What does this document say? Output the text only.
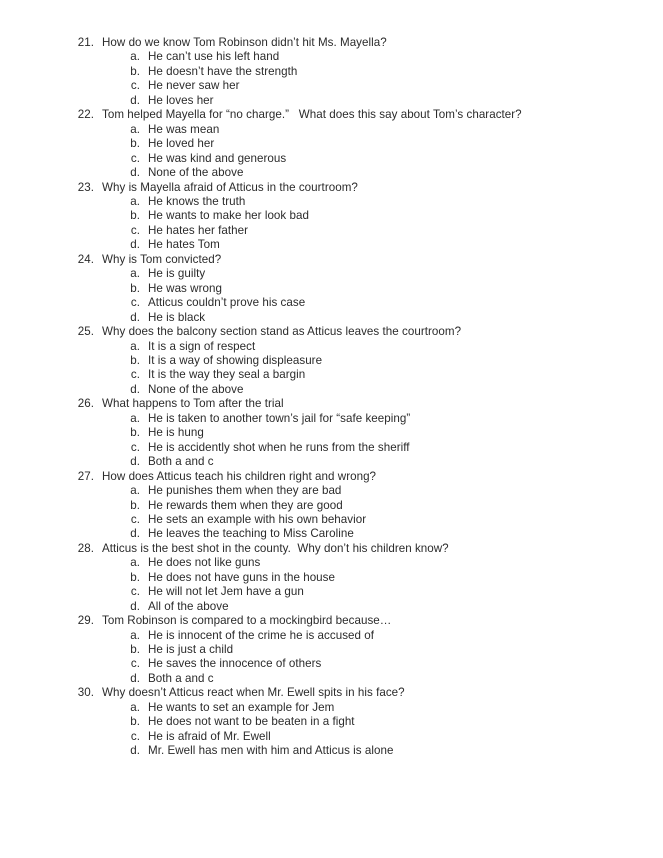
21. How do we know Tom Robinson didn’t hit Ms. Mayella?
a. He can’t use his left hand
b. He doesn’t have the strength
c. He never saw her
d. He loves her
22. Tom helped Mayella for “no charge.”   What does this say about Tom’s character?
a. He was mean
b. He loved her
c. He was kind and generous
d. None of the above
23. Why is Mayella afraid of Atticus in the courtroom?
a. He knows the truth
b. He wants to make her look bad
c. He hates her father
d. He hates Tom
24. Why is Tom convicted?
a. He is guilty
b. He was wrong
c. Atticus couldn’t prove his case
d. He is black
25. Why does the balcony section stand as Atticus leaves the courtroom?
a. It is a sign of respect
b. It is a way of showing displeasure
c. It is the way they seal a bargin
d. None of the above
26. What happens to Tom after the trial
a. He is taken to another town’s jail for “safe keeping”
b. He is hung
c. He is accidently shot when he runs from the sheriff
d. Both a and c
27. How does Atticus teach his children right and wrong?
a. He punishes them when they are bad
b. He rewards them when they are good
c. He sets an example with his own behavior
d. He leaves the teaching to Miss Caroline
28. Atticus is the best shot in the county.  Why don’t his children know?
a. He does not like guns
b. He does not have guns in the house
c. He will not let Jem have a gun
d. All of the above
29. Tom Robinson is compared to a mockingbird because…
a. He is innocent of the crime he is accused of
b. He is just a child
c. He saves the innocence of others
d. Both a and c
30. Why doesn’t Atticus react when Mr. Ewell spits in his face?
a. He wants to set an example for Jem
b. He does not want to be beaten in a fight
c. He is afraid of Mr. Ewell
d. Mr. Ewell has men with him and Atticus is alone
